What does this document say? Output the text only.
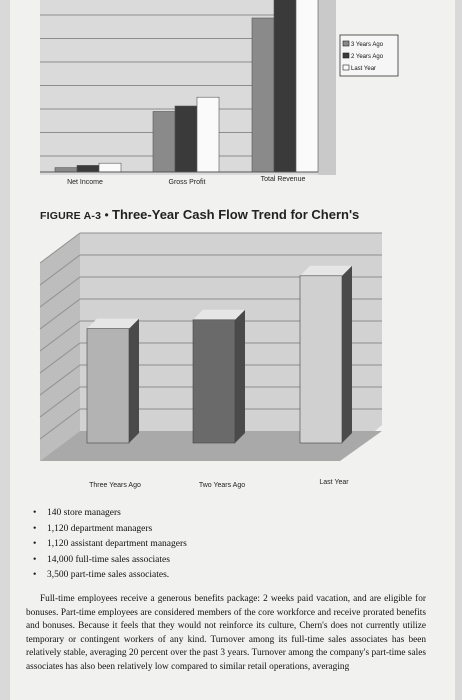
Net Income	Gross Profit	Total Revenue
3 Years Ago
2 Years Ago
Last Year
FIGURE A-3 • Three-Year Cash Flow Trend for Chern's
Three Years Ago	Two Years Ago	Last Year
• 140 store managers
• 1,120 department managers
• 1,120 assistant department managers
• 14,000 full-time sales associates
• 3,500 part-time sales associates.

Full-time employees receive a generous benefits package: 2 weeks paid vacation, and are eligible for bonuses. Part-time employees are considered members of the core workforce and receive prorated benefits and bonuses. Because it feels that they would not reinforce its culture, Chern's does not currently utilize temporary or contingent workers of any kind. Turnover among its full-time sales associates has been relatively stable, averaging 20 percent over the past 3 years. Turnover among the company's part-time sales associates has also been relatively low compared to similar retail operations, averaging
